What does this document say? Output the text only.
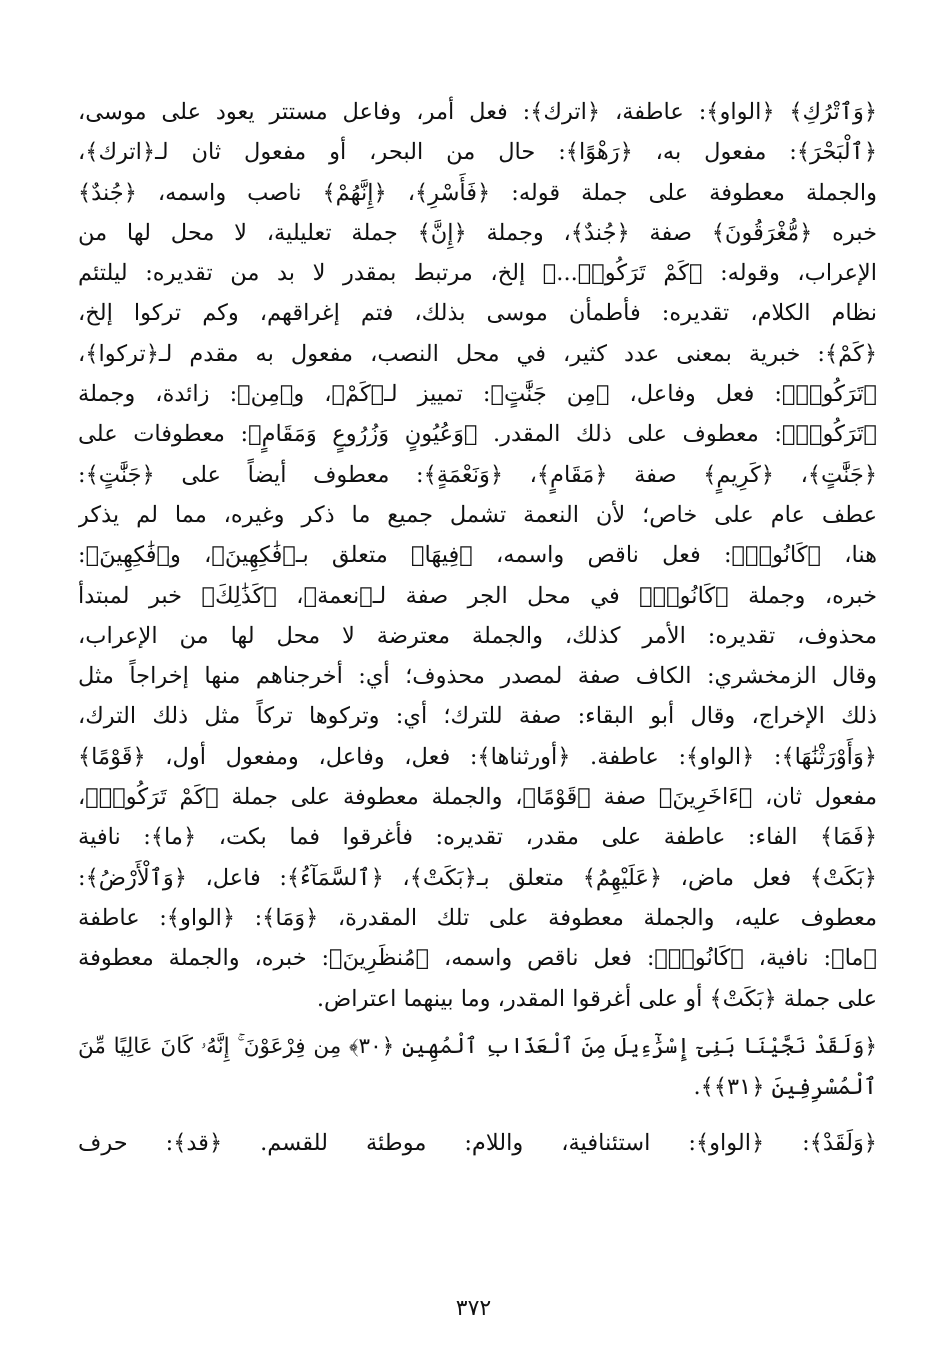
﴿وَٱتْرُكِ﴾ ﴿الواو﴾: عاطفة، ﴿اترك﴾: فعل أمر، وفاعل مستتر يعود على موسى،
﴿ٱلْبَحْرَ﴾: مفعول به، ﴿رَهْوًا﴾: حال من البحر، أو مفعول ثان لـ﴿اترك﴾،
والجملة معطوفة على جملة قوله: ﴿فَأَسْرِ﴾، ﴿إِنَّهُمْ﴾ ناصب واسمه، ﴿جُندٌ﴾
خبره ﴿مُّغْرَقُونَ﴾ صفة ﴿جُندٌ﴾، وجملة ﴿إِنَّ﴾ جملة تعليلية، لا محل لها من
الإعراب، وقوله: ﴿كَمْ تَرَكُوا۟...﴾ إلخ، مرتبط بمقدر لا بد من تقديره: ليلتئم
نظام الكلام، تقديره: فأطمأن موسى بذلك، فتم إغراقهم، وكم تركوا إلخ،
﴿كَمْ﴾: خبرية بمعنى عدد كثير، في محل النصب، مفعول به مقدم لـ﴿تركوا﴾،
﴿تَرَكُوا۟﴾: فعل وفاعل، ﴿مِن جَنَّٰتٍ﴾: تمييز لـ﴿كَمْ﴾، و﴿مِن﴾: زائدة، وجملة
﴿تَرَكُوا۟﴾: معطوف على ذلك المقدر. ﴿وَعُيُونٍ وَزُرُوعٍ وَمَقَامٍ﴾: معطوفات على
﴿جَنَّٰتٍ﴾، ﴿كَرِيمٍ﴾ صفة ﴿مَقَامٍ﴾، ﴿وَنَعْمَةٍ﴾: معطوف أيضاً على ﴿جَنَّٰتٍ﴾:
عطف عام على خاص؛ لأن النعمة تشمل جميع ما ذكر وغيره، مما لم يذكر
هنا، ﴿كَانُوا۟﴾: فعل ناقص واسمه، ﴿فِيهَا﴾ متعلق بـ﴿فَٰكِهِينَ﴾، و﴿فَٰكِهِينَ﴾:
خبره، وجملة ﴿كَانُوا۟﴾ في محل الجر صفة لـ﴿نعمة﴾، ﴿كَذَٰلِكَ﴾ خبر لمبتدأ
محذوف، تقديره: الأمر كذلك، والجملة معترضة لا محل لها من الإعراب،
وقال الزمخشري: الكاف صفة لمصدر محذوف؛ أي: أخرجناهم منها إخراجاً مثل
ذلك الإخراج، وقال أبو البقاء: صفة للترك؛ أي: وتركوها تركاً مثل ذلك الترك،
﴿وَأَوْرَثْنَٰهَا﴾: ﴿الواو﴾: عاطفة. ﴿أورثناها﴾: فعل، وفاعل، ومفعول أول، ﴿قَوْمًا﴾
مفعول ثان، ﴿ءَاخَرِينَ﴾ صفة ﴿قَوْمًا﴾، والجملة معطوفة على جملة ﴿كَمْ تَرَكُوا۟﴾،
﴿فَمَا﴾ الفاء: عاطفة على مقدر، تقديره: فأغرقوا فما بكت، ﴿ما﴾: نافية
﴿بَكَتْ﴾ فعل ماض، ﴿عَلَيْهِمُ﴾ متعلق بـ﴿بَكَتْ﴾، ﴿ٱلسَّمَآءُ﴾: فاعل، ﴿وَٱلْأَرْضُ﴾:
معطوف عليه، والجملة معطوفة على تلك المقدرة، ﴿وَمَا﴾: ﴿الواو﴾: عاطفة
﴿ما﴾: نافية، ﴿كَانُوا۟﴾: فعل ناقص واسمه، ﴿مُنظَرِينَ﴾: خبره، والجملة معطوفة
على جملة ﴿بَكَتْ﴾ أو على أغرقوا المقدر، وما بينهما اعتراض.
﴿وَلَقَدْ نَجَّيْنَا بَنِىٓ إِسْرَٰٓءِيلَ مِنَ ٱلْعَذَابِ ٱلْمُهِينِ ﴿٣٠﴾ مِن فِرْعَوْنَ ۚ إِنَّهُۥ كَانَ عَالِيًا مِّنَ
ٱلْمُسْرِفِينَ ﴿٣١﴾﴾.
﴿وَلَقَدْ﴾: ﴿الواو﴾: استئنافية، واللام: موطئة للقسم. ﴿قد﴾: حرف
٣٧٢
